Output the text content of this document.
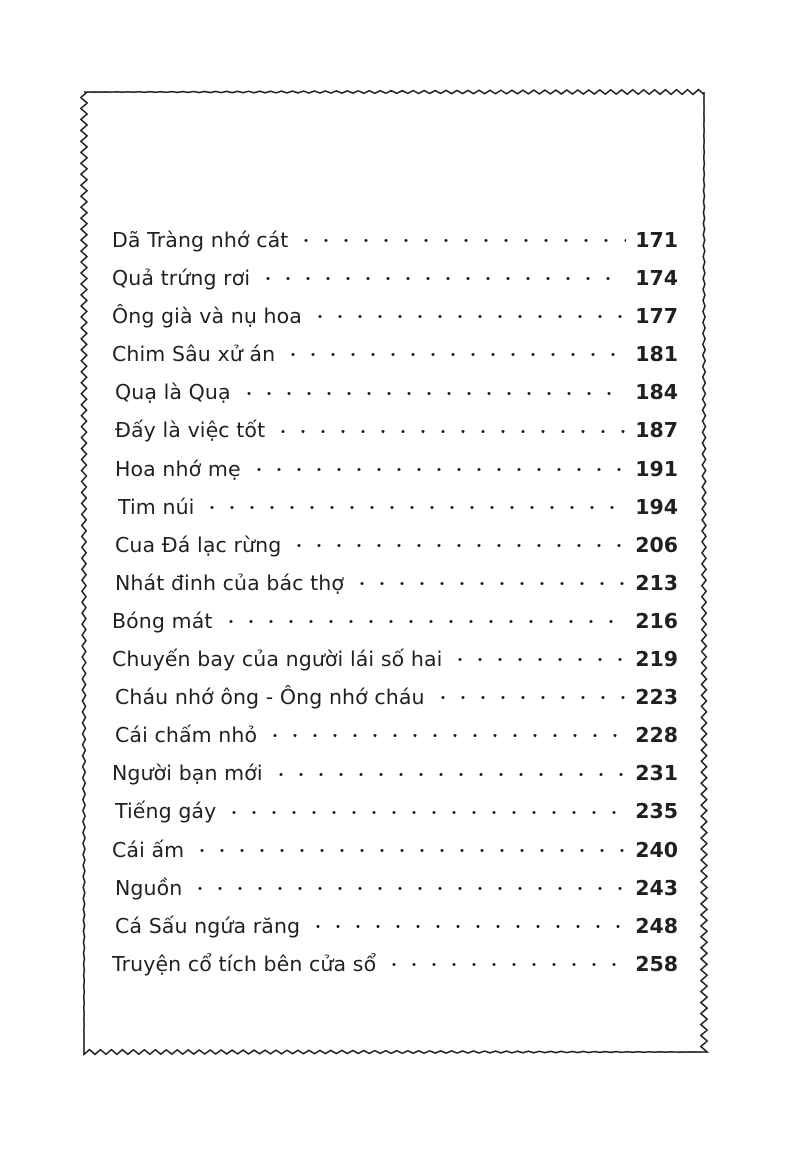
Dã Tràng nhớ cát	171
Quả trứng rơi	174
Ông già và nụ hoa	177
Chim Sâu xử án	181
Quạ là Quạ	184
Đấy là việc tốt	187
Hoa nhớ mẹ	191
Tim núi	194
Cua Đá lạc rừng	206
Nhát đinh của bác thợ	213
Bóng mát	216
Chuyến bay của người lái số hai	219
Cháu nhớ ông - Ông nhớ cháu	223
Cái chấm nhỏ	228
Người bạn mới	231
Tiếng gáy	235
Cái ấm	240
Nguồn	243
Cá Sấu ngứa răng	248
Truyện cổ tích bên cửa sổ	258
